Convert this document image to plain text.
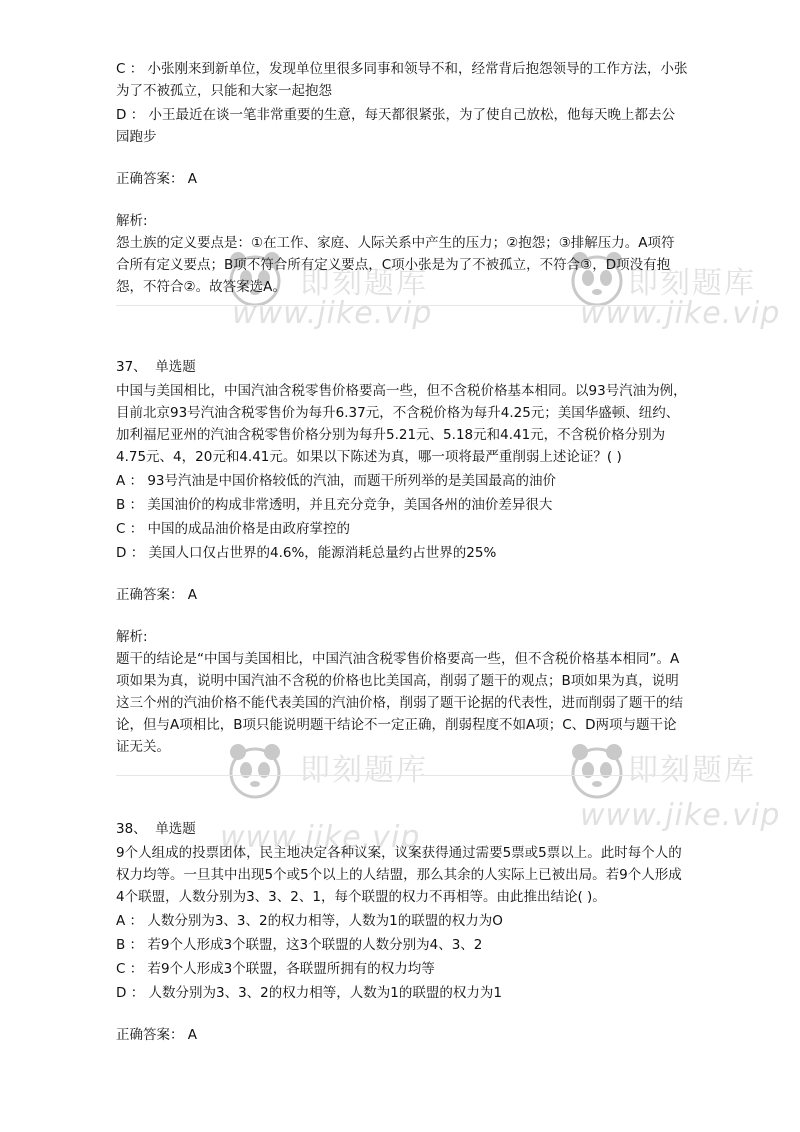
即刻题库
www.jike.vip
即刻题库
www.jike.vip
即刻题库
www.jike.vip
即刻题库
www.jike.vip

C ： 小张刚来到新单位，发现单位里很多同事和领导不和，经常背后抱怨领导的工作方法，小张为了不被孤立，只能和大家一起抱怨

D ： 小王最近在谈一笔非常重要的生意，每天都很紧张，为了使自己放松，他每天晚上都去公园跑步

正确答案： A

解析:

怨土族的定义要点是：①在工作、家庭、人际关系中产生的压力；②抱怨；③排解压力。A项符合所有定义要点；B项不符合所有定义要点，C项小张是为了不被孤立，不符合③，D项没有抱怨，不符合②。故答案选A。

37、 单选题

中国与美国相比，中国汽油含税零售价格要高一些，但不含税价格基本相同。以93号汽油为例，目前北京93号汽油含税零售价为每升6.37元，不含税价格为每升4.25元；美国华盛顿、纽约、加利福尼亚州的汽油含税零售价格分别为每升5.21元、5.18元和4.41元，不含税价格分别为4.75元、4，20元和4.41元。如果以下陈述为真，哪一项将最严重削弱上述论证？( )

A ： 93号汽油是中国价格较低的汽油，而题干所列举的是美国最高的油价

B ： 美国油价的构成非常透明，并且充分竞争，美国各州的油价差异很大

C ： 中国的成品油价格是由政府掌控的

D ： 美国人口仅占世界的4.6%，能源消耗总量约占世界的25%

正确答案： A

解析:

题干的结论是“中国与美国相比，中国汽油含税零售价格要高一些，但不含税价格基本相同”。A项如果为真，说明中国汽油不含税的价格也比美国高，削弱了题干的观点；B项如果为真，说明这三个州的汽油价格不能代表美国的汽油价格，削弱了题干论据的代表性，进而削弱了题干的结论，但与A项相比，B项只能说明题干结论不一定正确，削弱程度不如A项；C、D两项与题干论证无关。

38、 单选题

9个人组成的投票团体，民主地决定各种议案，议案获得通过需要5票或5票以上。此时每个人的权力均等。一旦其中出现5个或5个以上的人结盟，那么其余的人实际上已被出局。若9个人形成4个联盟，人数分别为3、3、2、1，每个联盟的权力不再相等。由此推出结论( )。

A ： 人数分别为3、3、2的权力相等，人数为1的联盟的权力为O

B ： 若9个人形成3个联盟，这3个联盟的人数分别为4、3、2

C ： 若9个人形成3个联盟，各联盟所拥有的权力均等

D ： 人数分别为3、3、2的权力相等，人数为1的联盟的权力为1

正确答案： A
